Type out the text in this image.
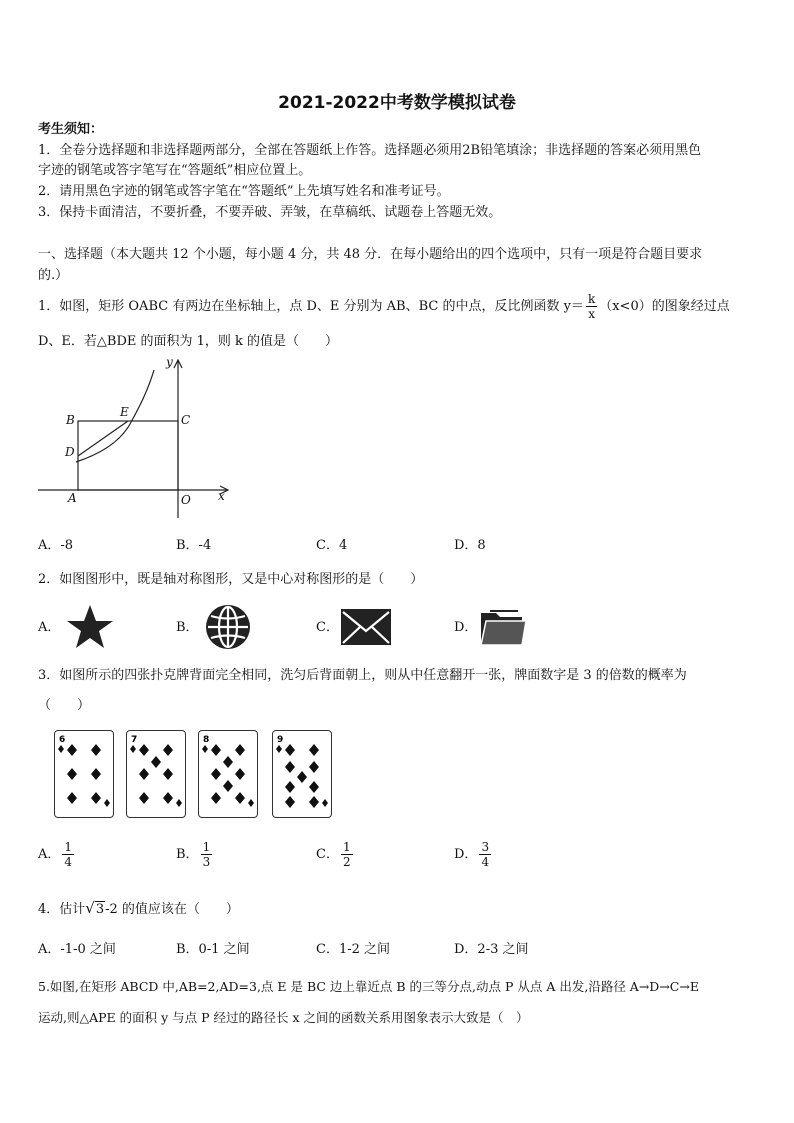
2021-2022中考数学模拟试卷
考生须知：
1．全卷分选择题和非选择题两部分，全部在答题纸上作答。选择题必须用2B铅笔填涂；非选择题的答案必须用黑色
字迹的钢笔或答字笔写在“答题纸”相应位置上。
2．请用黑色字迹的钢笔或答字笔在“答题纸”上先填写姓名和准考证号。
3．保持卡面清洁，不要折叠，不要弄破、弄皱，在草稿纸、试题卷上答题无效。
一、选择题（本大题共 12 个小题，每小题 4 分，共 48 分．在每小题给出的四个选项中，只有一项是符合题目要求
的.）
1．如图，矩形 OABC 有两边在坐标轴上，点 D、E 分别为 AB、BC 的中点，反比例函数 $y= \frac{k}{x} (x<0)$的图象经过点
D、E．若△BDE 的面积为 1，则 k 的值是（　　）
y
x
B
E
C
D
A	O
A．-8	B．-4	C．4	D．8
2．如图图形中，既是轴对称图形，又是中心对称图形的是（　　）
A．	B．	C．	D．
3．如图所示的四张扑克牌背面完全相同，洗匀后背面朝上，则从中任意翻开一张，牌面数字是 3 的倍数的概率为
（　　）
6	7	8	9
A． $\frac{1}{4}$	B． $\frac{1}{3}$	C． $\frac{1}{2}$	D． $\frac{3}{4}$
4．估计√3-2 的值应该在（　　）
A．-1-0 之间	B．0-1 之间	C．1-2 之间	D．2-3 之间
5.如图,在矩形 ABCD 中,AB=2,AD=3,点 E 是 BC 边上靠近点 B 的三等分点,动点 P 从点 A 出发,沿路径 A→D→C→E
运动,则△APE 的面积 y 与点 P 经过的路径长 x 之间的函数关系用图象表示大致是（　）
